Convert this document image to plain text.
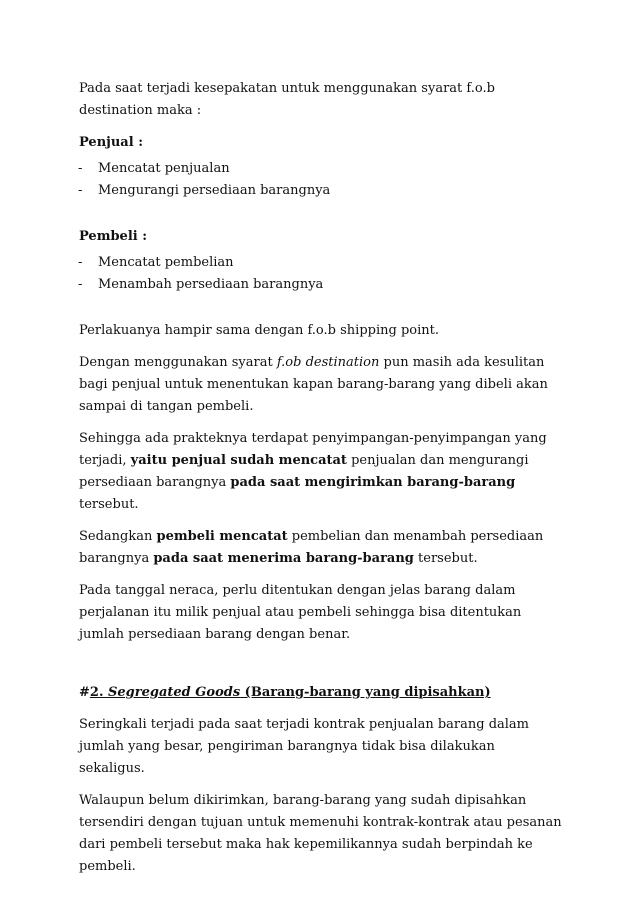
Pada saat terjadi kesepakatan untuk menggunakan syarat f.o.b destination maka :

Penjual :

- Mencatat penjualan
- Mengurangi persediaan barangnya

Pembeli :

- Mencatat pembelian
- Menambah persediaan barangnya

Perlakuanya hampir sama dengan f.o.b shipping point.

Dengan menggunakan syarat f.ob destination pun masih ada kesulitan bagi penjual untuk menentukan kapan barang-barang yang dibeli akan sampai di tangan pembeli.

Sehingga ada prakteknya terdapat penyimpangan-penyimpangan yang terjadi, yaitu penjual sudah mencatat penjualan dan mengurangi persediaan barangnya pada saat mengirimkan barang-barang tersebut.

Sedangkan pembeli mencatat pembelian dan menambah persediaan barangnya pada saat menerima barang-barang tersebut.

Pada tanggal neraca, perlu ditentukan dengan jelas barang dalam perjalanan itu milik penjual atau pembeli sehingga bisa ditentukan jumlah persediaan barang dengan benar.

#2. Segregated Goods (Barang-barang yang dipisahkan)

Seringkali terjadi pada saat terjadi kontrak penjualan barang dalam jumlah yang besar, pengiriman barangnya tidak bisa dilakukan sekaligus.

Walaupun belum dikirimkan, barang-barang yang sudah dipisahkan tersendiri dengan tujuan untuk memenuhi kontrak-kontrak atau pesanan dari pembeli tersebut maka hak kepemilikannya sudah berpindah ke pembeli.
